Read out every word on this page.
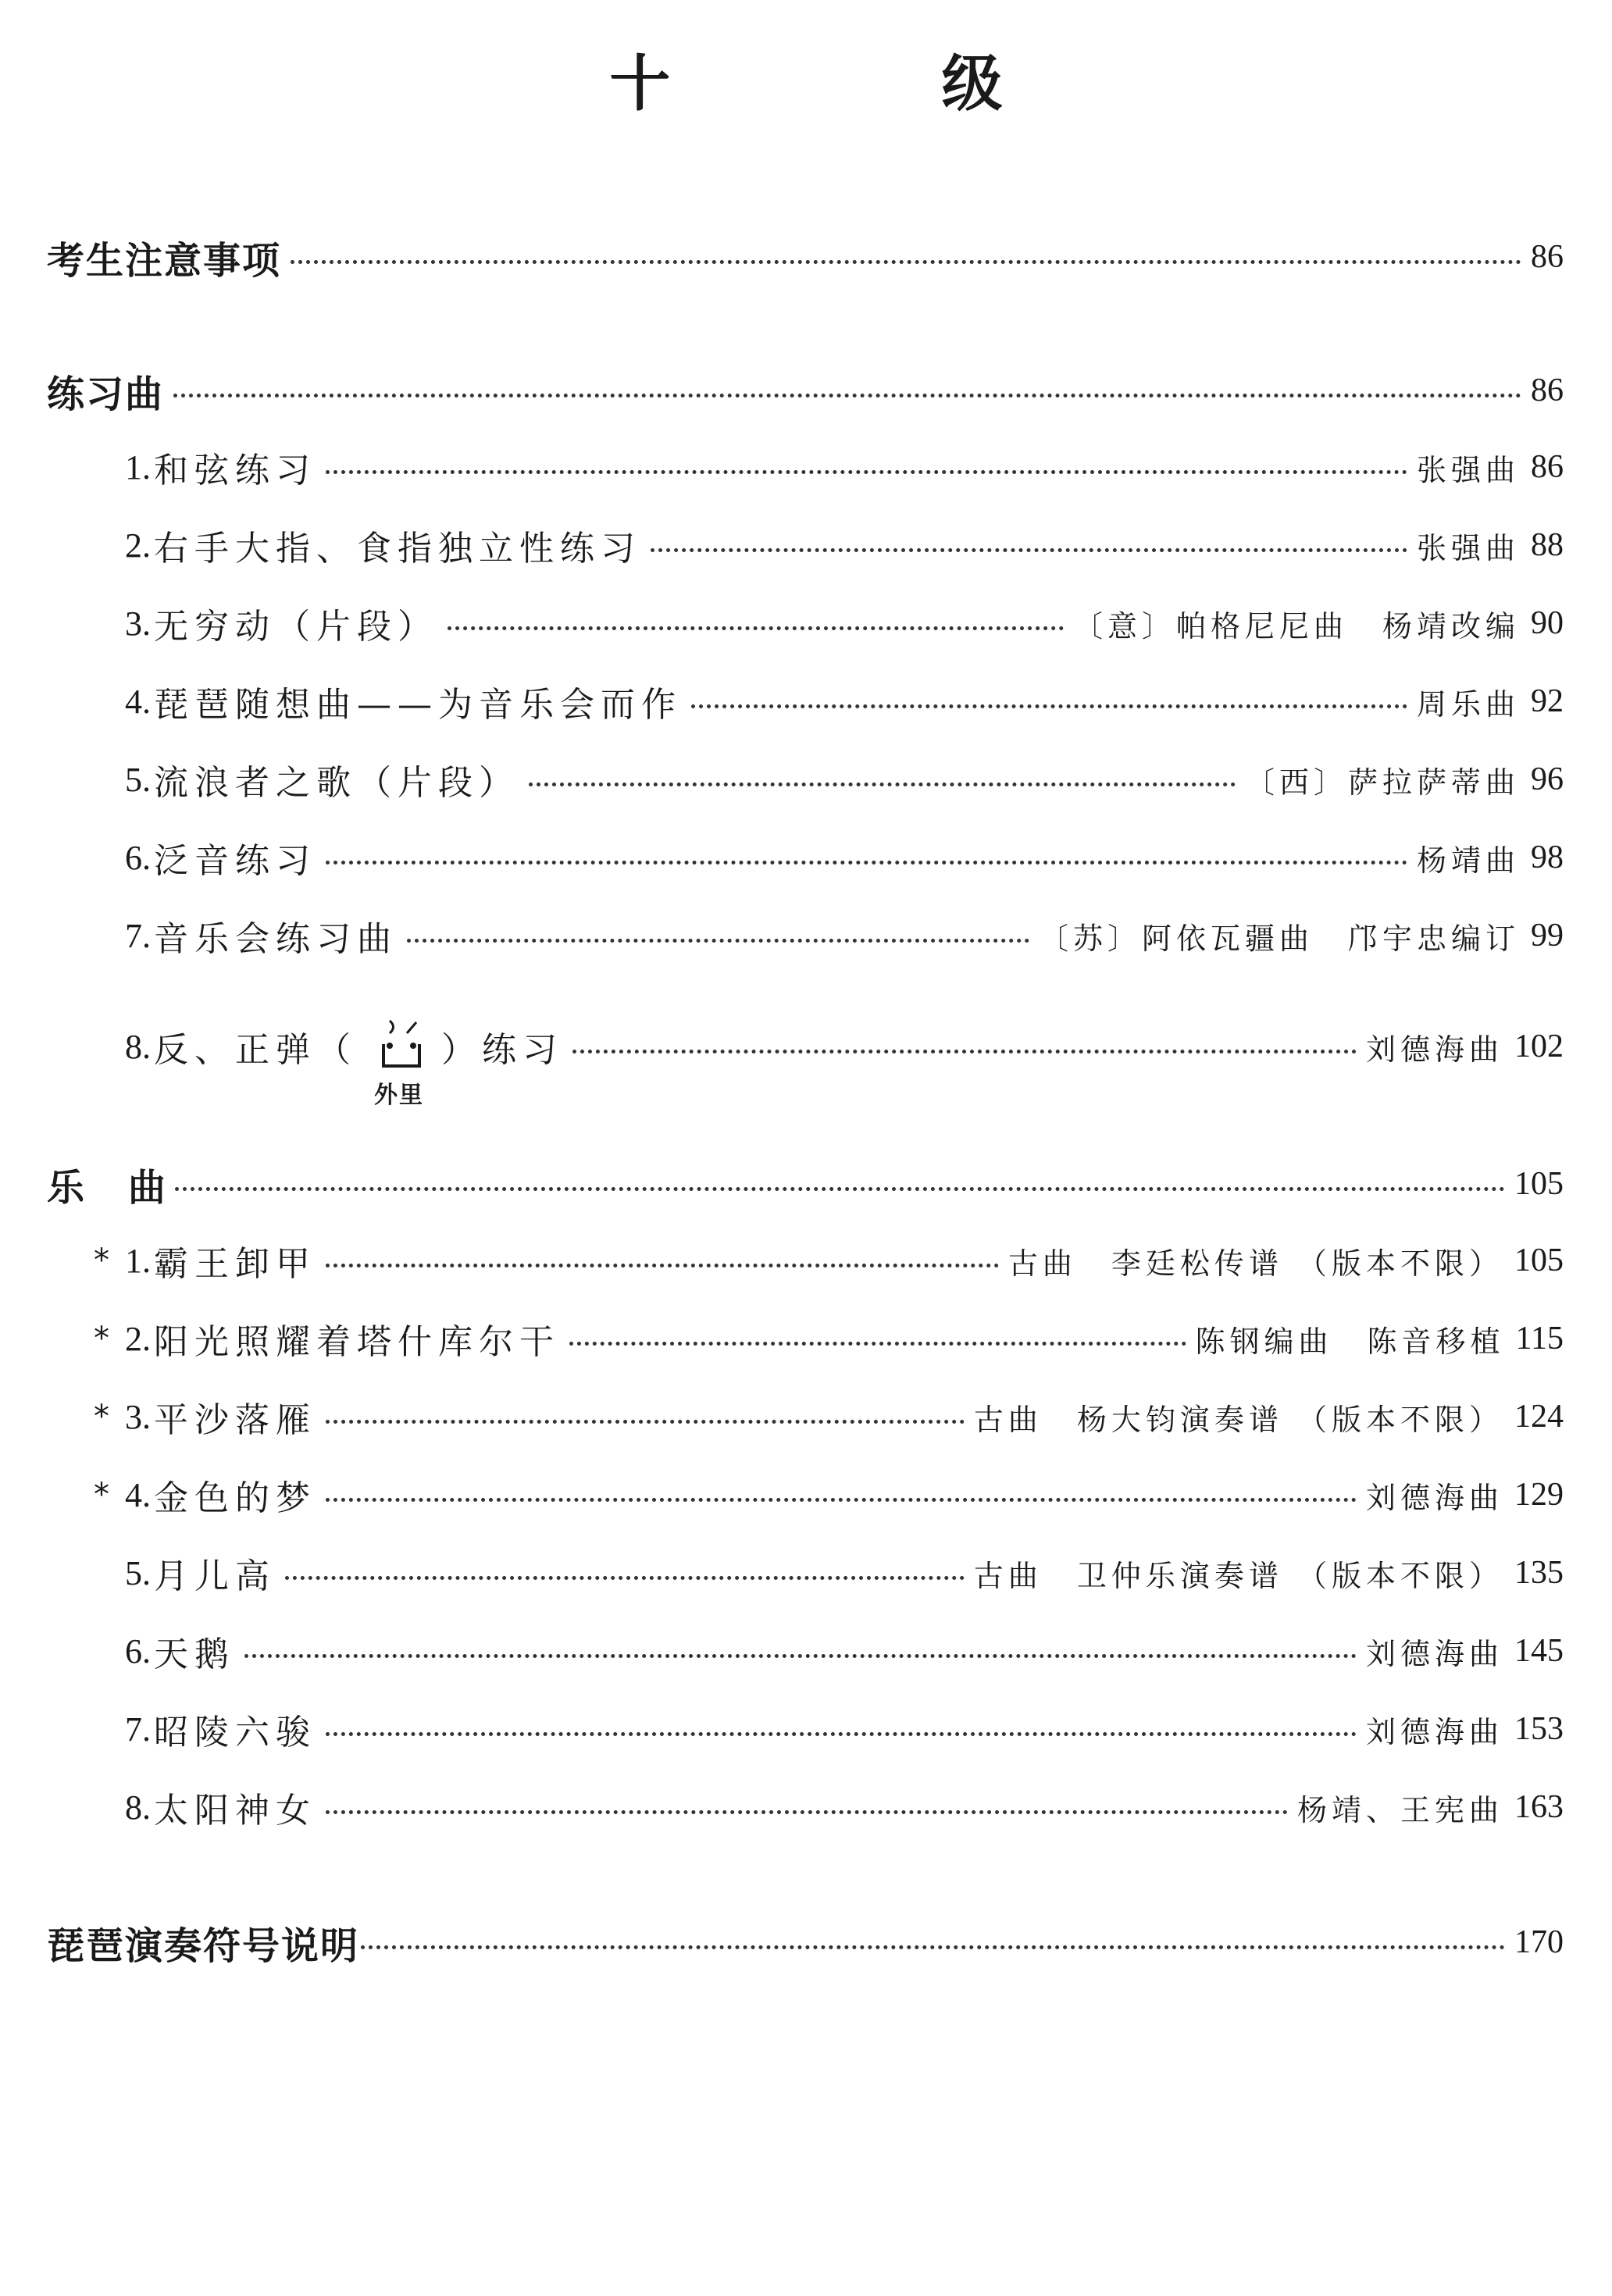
十 级
考生注意事项	86
练习曲	86
1. 和弦练习	张强曲 86
2. 右手大指、食指独立性练习	张强曲 88
3. 无穷动（片段）	〔意〕帕格尼尼曲　杨靖改编 90
4. 琵琶随想曲——为音乐会而作	周乐曲 92
5. 流浪者之歌（片段）	〔西〕萨拉萨蒂曲 96
6. 泛音练习	杨靖曲 98
7. 音乐会练习曲	〔苏〕阿依瓦疆曲　邝宇忠编订 99
8. 反、正弹（
外里
）练习	刘德海曲 102
乐曲	105
* 1. 霸王卸甲	古曲　李廷松传谱 （版本不限） 105
* 2. 阳光照耀着塔什库尔干	陈钢编曲　陈音移植 115
* 3. 平沙落雁	古曲　杨大钧演奏谱 （版本不限） 124
* 4. 金色的梦	刘德海曲 129
5. 月儿高	古曲　卫仲乐演奏谱 （版本不限） 135
6. 天鹅	刘德海曲 145
7. 昭陵六骏	刘德海曲 153
8. 太阳神女	杨靖、王宪曲 163
琵琶演奏符号说明	170
